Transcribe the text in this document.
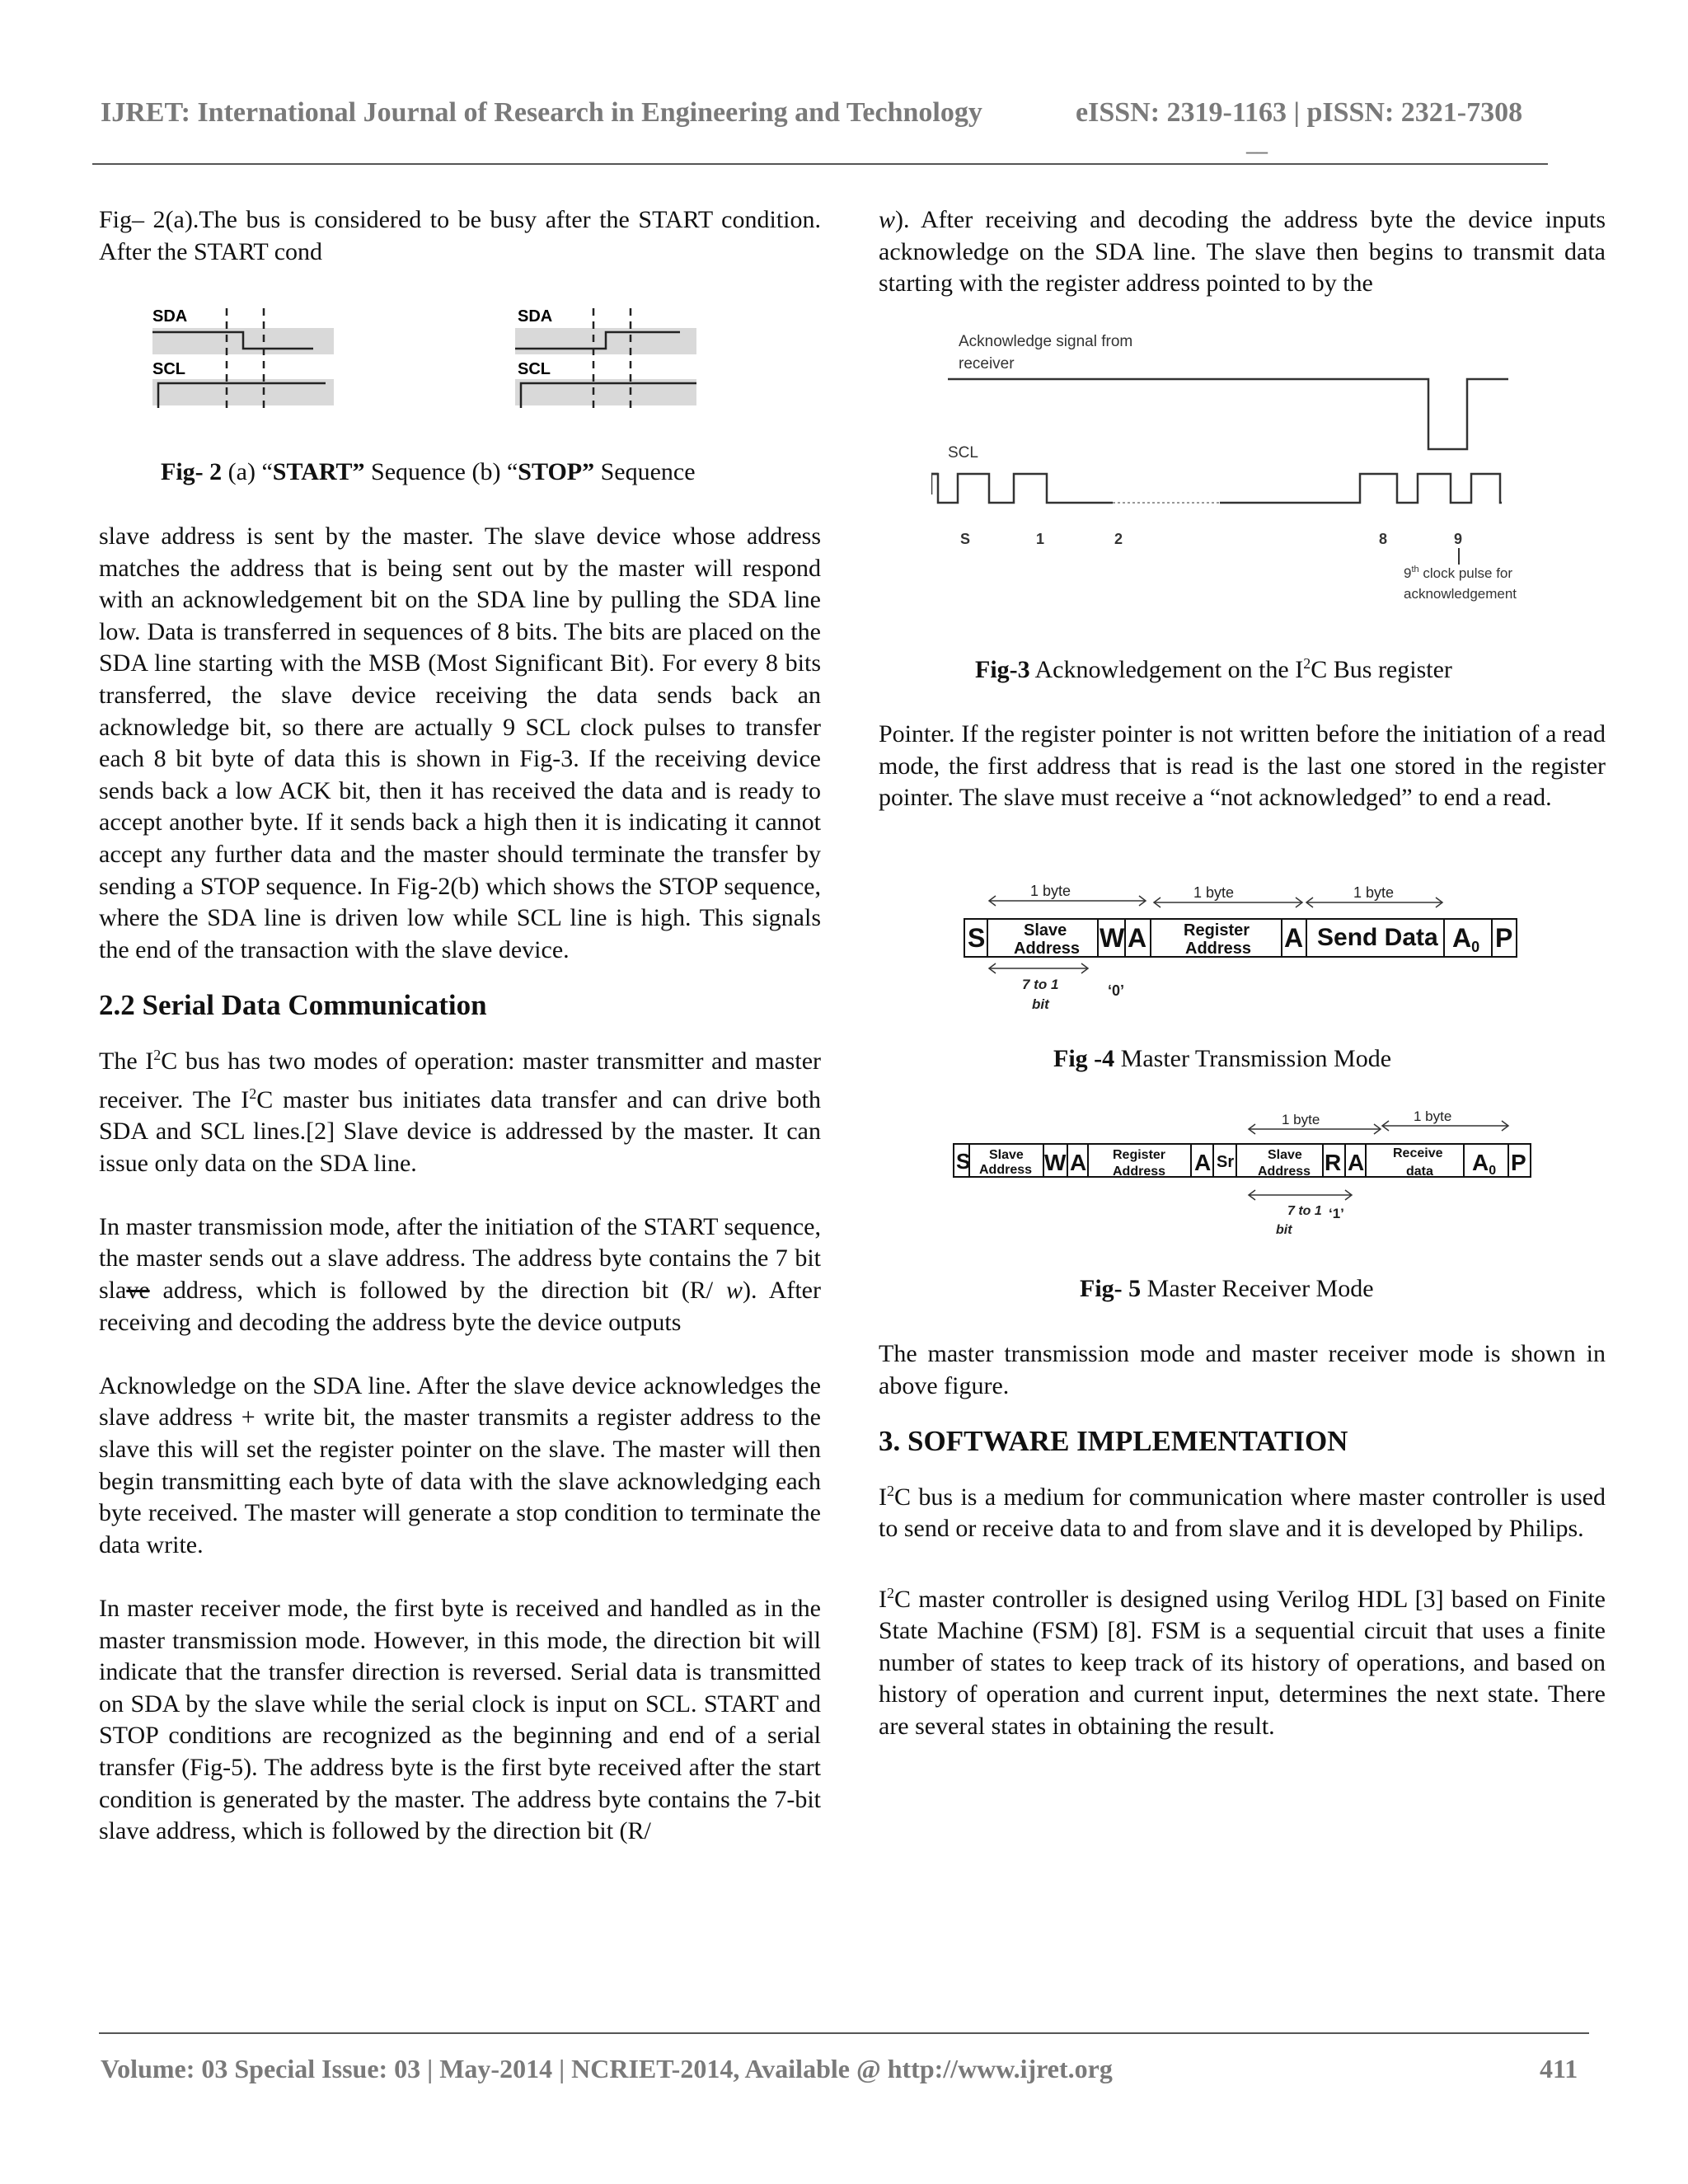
IJRET: International Journal of Research in Engineering and Technology	eISSN: 2319-1163 | pISSN: 2321-7308
__
Fig– 2(a).The bus is considered to be busy after the START condition. After the START cond
SDA
SCL
SDA
SCL
Fig- 2 (a) “START” Sequence (b) “STOP” Sequence

slave address is sent by the master. The slave device whose address matches the address that is being sent out by the master will respond with an acknowledgement bit on the SDA line by pulling the SDA line low. Data is transferred in sequences of 8 bits. The bits are placed on the SDA line starting with the MSB (Most Significant Bit). For every 8 bits transferred, the slave device receiving the data sends back an acknowledge bit, so there are actually 9 SCL clock pulses to transfer each 8 bit byte of data this is shown in Fig-3. If the receiving device sends back a low ACK bit, then it has received the data and is ready to accept another byte. If it sends back a high then it is indicating it cannot accept any further data and the master should terminate the transfer by sending a STOP sequence. In Fig-2(b) which shows the STOP sequence, where the SDA line is driven low while SCL line is high. This signals the end of the transaction with the slave device.

2.2 Serial Data Communication

The $I^2C$ bus has two modes of operation: master transmitter and master receiver. The $I^2C$ master bus initiates data transfer and can drive both SDA and SCL lines.[2] Slave device is addressed by the master. It can issue only data on the SDA line.

In master transmission mode, after the initiation of the START sequence, the master sends out a slave address. The address byte contains the 7 bit slave address, which is followed by the direction bit (R/ w). After receiving and decoding the address byte the device outputs

Acknowledge on the SDA line. After the slave device acknowledges the slave address + write bit, the master transmits a register address to the slave this will set the register pointer on the slave. The master will then begin transmitting each byte of data with the slave acknowledging each byte received. The master will generate a stop condition to terminate the data write.

In master receiver mode, the first byte is received and handled as in the master transmission mode. However, in this mode, the direction bit will indicate that the transfer direction is reversed. Serial data is transmitted on SDA by the slave while the serial clock is input on SCL. START and STOP conditions are recognized as the beginning and end of a serial transfer (Fig-5). The address byte is the first byte received after the start condition is generated by the master. The address byte contains the 7-bit slave address, which is followed by the direction bit (R/

w). After receiving and decoding the address byte the device inputs acknowledge on the SDA line. The slave then begins to transmit data starting with the register address pointed to by the
Acknowledge signal from
receiver
SCL
S	1	2	8	9
9th clock pulse for
acknowledgement
Fig-3 Acknowledgement on the $I^2C$ Bus register
Pointer. If the register pointer is not written before the initiation of a read mode, the first address that is read is the last one stored in the register pointer. The slave must receive a “not acknowledged” to end a read.
1 byte	1 byte	1 byte
S Slave
Address W A Register
Address A Send Data A0 P
7 to 1
bit
‘0’
Fig -4 Master Transmission Mode
1 byte	1 byte
S Slave
Address W A Register
Address A Sr	Slave
Address R A Receive
data A0 P
7 to 1
bit
‘1’
Fig- 5 Master Receiver Mode

The master transmission mode and master receiver mode is shown in above figure.

3. SOFTWARE IMPLEMENTATION

$I^2C$ bus is a medium for communication where master controller is used to send or receive data to and from slave and it is developed by Philips.

$I^2C$ master controller is designed using Verilog HDL [3] based on Finite State Machine (FSM) [8]. FSM is a sequential circuit that uses a finite number of states to keep track of its history of operations, and based on history of operation and current input, determines the next state. There are several states in obtaining the result.

Volume: 03 Special Issue: 03 | May-2014 | NCRIET-2014, Available @ http://www.ijret.org	411
